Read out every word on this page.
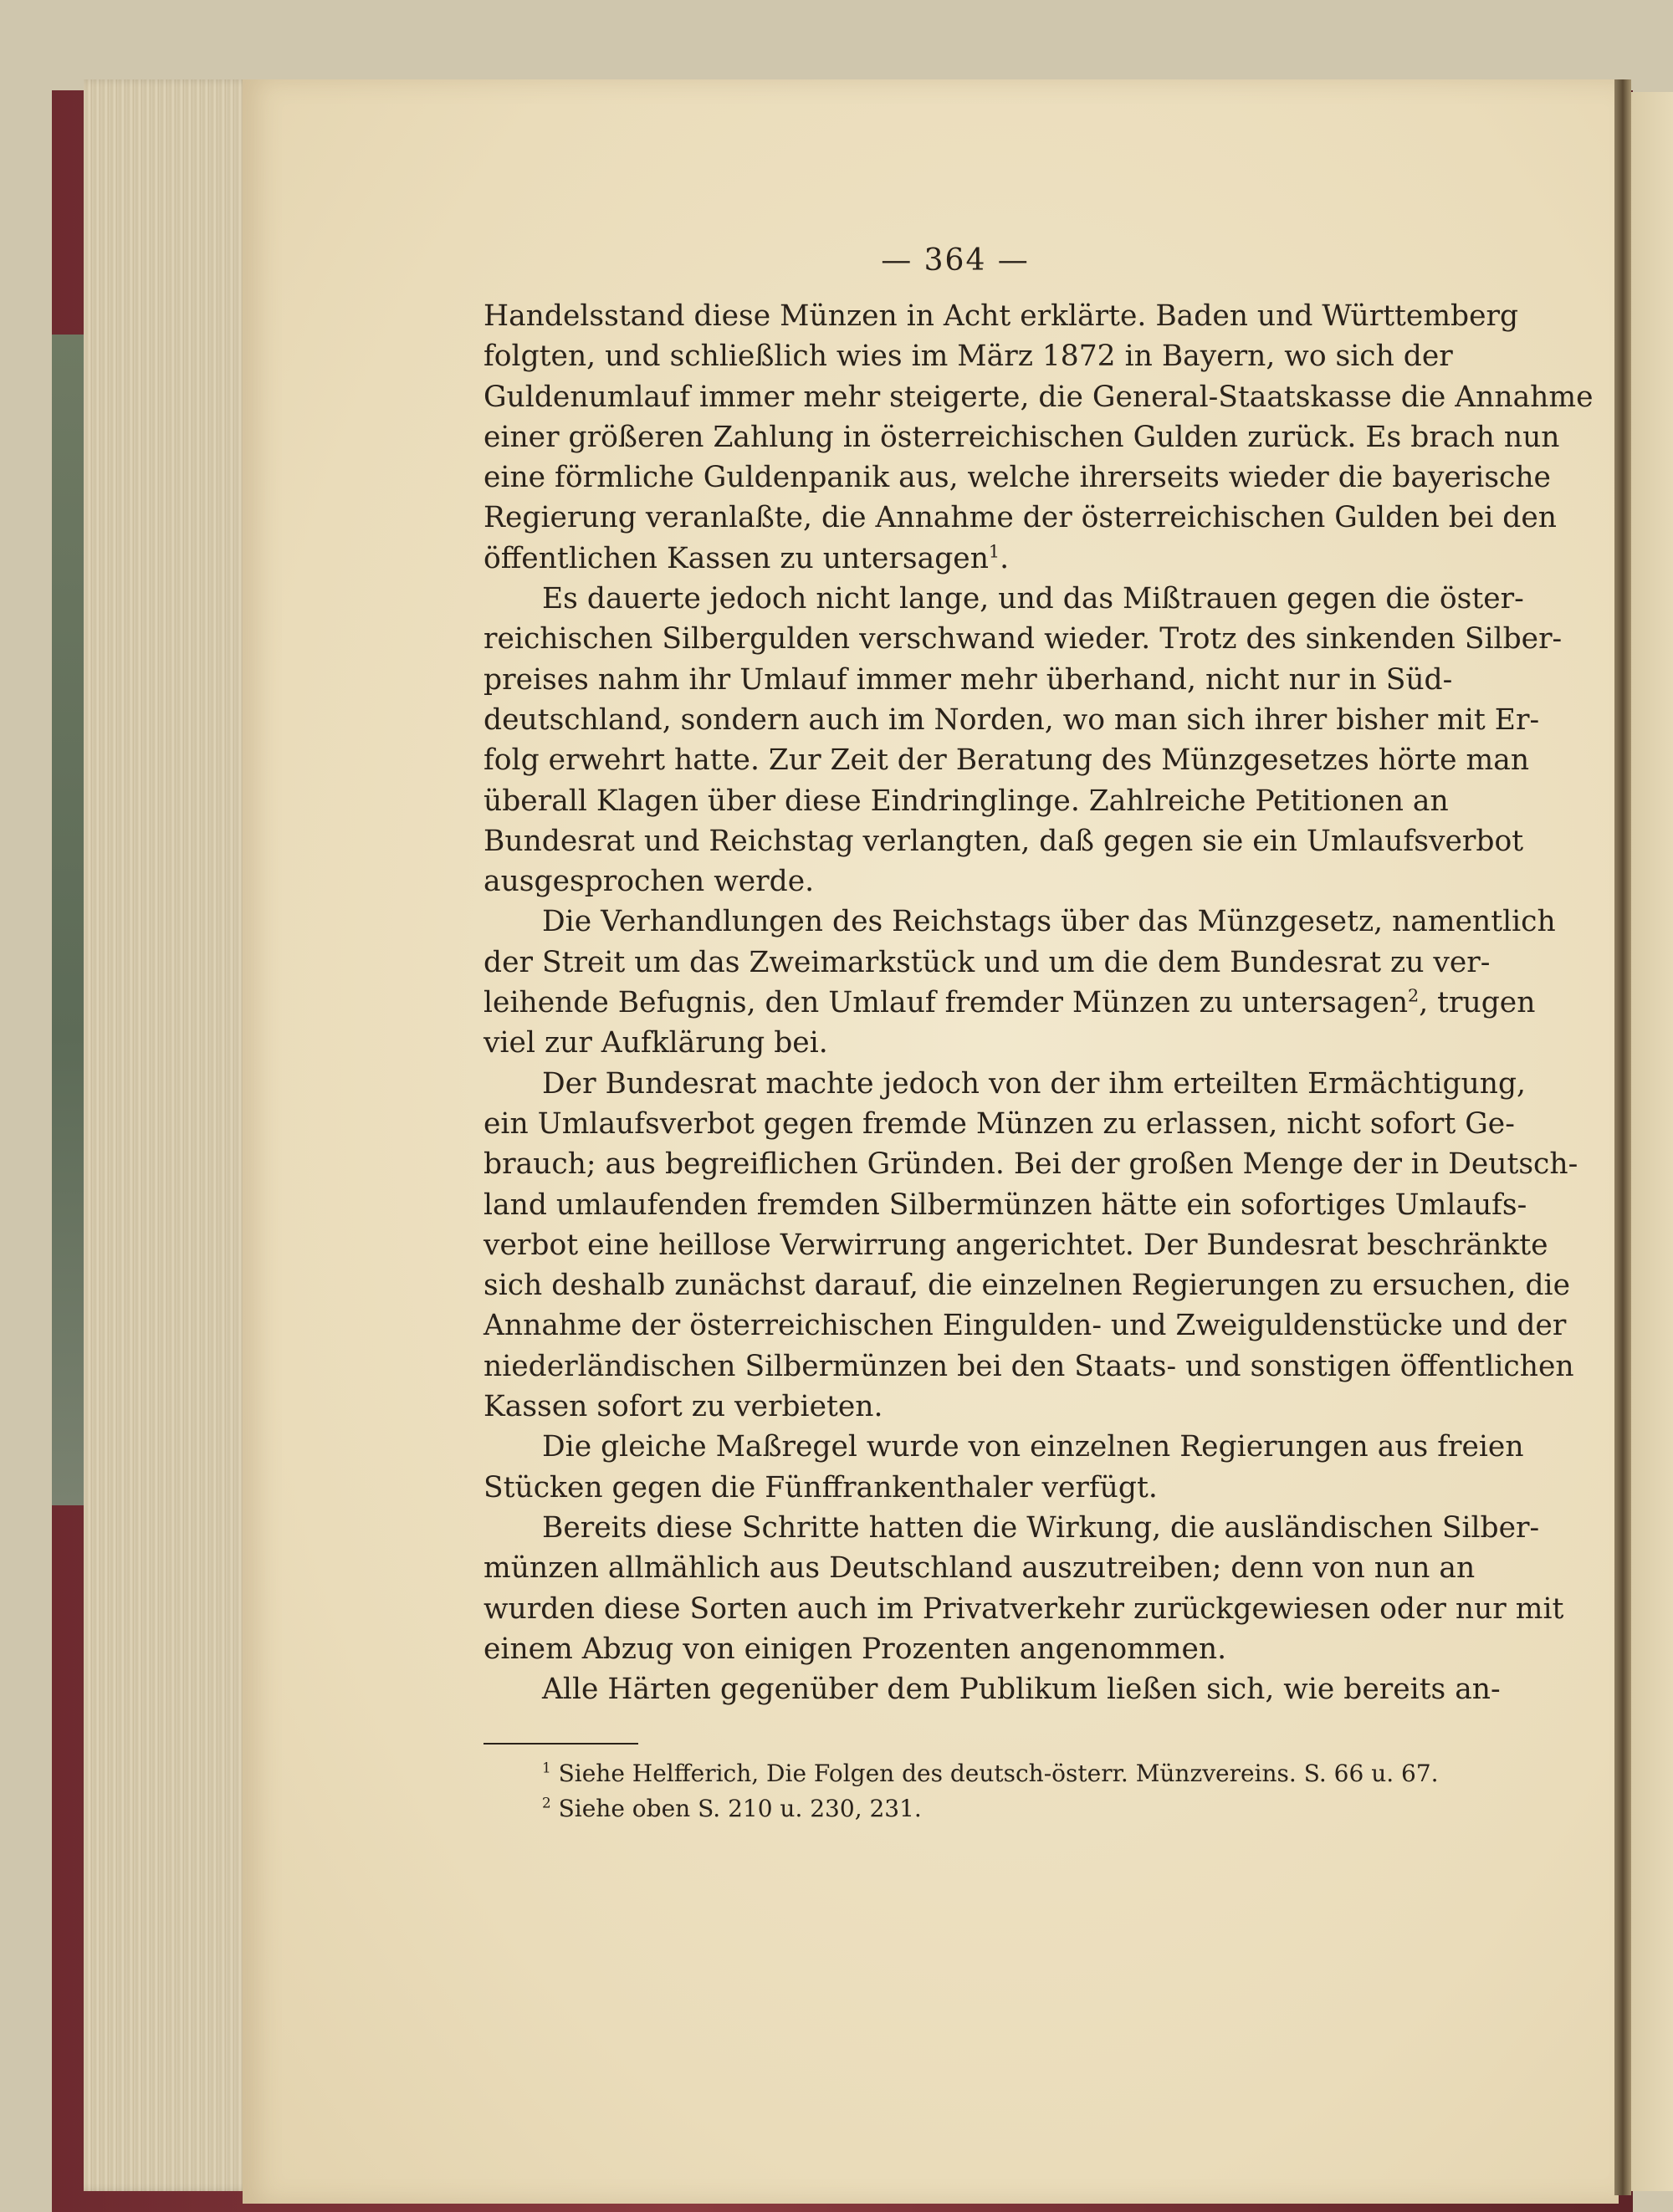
— 364 —
Handelsstand diese Münzen in Acht erklärte. Baden und Württemberg
folgten, und schließlich wies im März 1872 in Bayern, wo sich der
Guldenumlauf immer mehr steigerte, die General-Staatskasse die Annahme
einer größeren Zahlung in österreichischen Gulden zurück. Es brach nun
eine förmliche Guldenpanik aus, welche ihrerseits wieder die bayerische
Regierung veranlaßte, die Annahme der österreichischen Gulden bei den
öffentlichen Kassen zu untersagen$^1$.
Es dauerte jedoch nicht lange, und das Mißtrauen gegen die öster-
reichischen Silbergulden verschwand wieder. Trotz des sinkenden Silber-
preises nahm ihr Umlauf immer mehr überhand, nicht nur in Süd-
deutschland, sondern auch im Norden, wo man sich ihrer bisher mit Er-
folg erwehrt hatte. Zur Zeit der Beratung des Münzgesetzes hörte man
überall Klagen über diese Eindringlinge. Zahlreiche Petitionen an
Bundesrat und Reichstag verlangten, daß gegen sie ein Umlaufsverbot
ausgesprochen werde.
Die Verhandlungen des Reichstags über das Münzgesetz, namentlich
der Streit um das Zweimarkstück und um die dem Bundesrat zu ver-
leihende Befugnis, den Umlauf fremder Münzen zu untersagen$^2$, trugen
viel zur Aufklärung bei.
Der Bundesrat machte jedoch von der ihm erteilten Ermächtigung,
ein Umlaufsverbot gegen fremde Münzen zu erlassen, nicht sofort Ge-
brauch; aus begreiflichen Gründen. Bei der großen Menge der in Deutsch-
land umlaufenden fremden Silbermünzen hätte ein sofortiges Umlaufs-
verbot eine heillose Verwirrung angerichtet. Der Bundesrat beschränkte
sich deshalb zunächst darauf, die einzelnen Regierungen zu ersuchen, die
Annahme der österreichischen Eingulden- und Zweiguldenstücke und der
niederländischen Silbermünzen bei den Staats- und sonstigen öffentlichen
Kassen sofort zu verbieten.
Die gleiche Maßregel wurde von einzelnen Regierungen aus freien
Stücken gegen die Fünffrankenthaler verfügt.
Bereits diese Schritte hatten die Wirkung, die ausländischen Silber-
münzen allmählich aus Deutschland auszutreiben; denn von nun an
wurden diese Sorten auch im Privatverkehr zurückgewiesen oder nur mit
einem Abzug von einigen Prozenten angenommen.
Alle Härten gegenüber dem Publikum ließen sich, wie bereits an-
$^1$ Siehe Helfferich, Die Folgen des deutsch-österr. Münzvereins. S. 66 u. 67.
$^2$ Siehe oben S. 210 u. 230, 231.
